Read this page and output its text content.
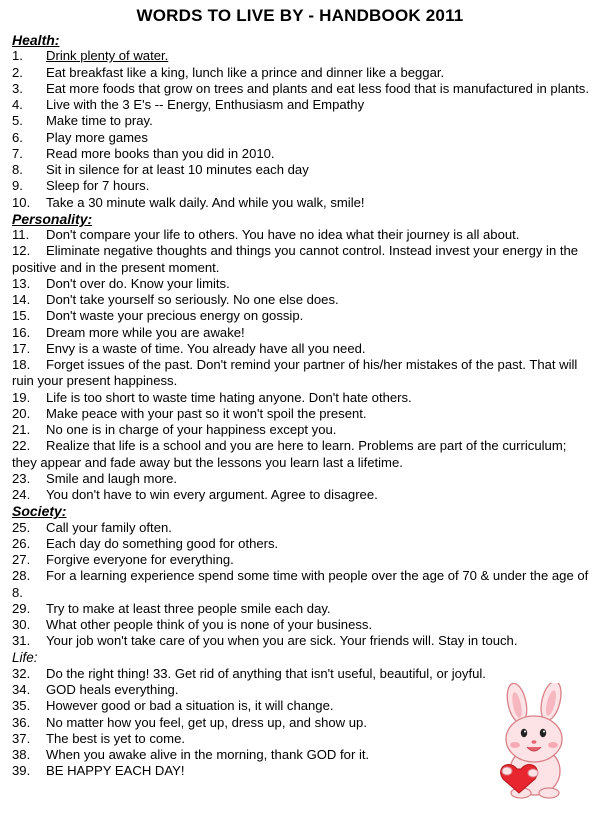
WORDS TO LIVE BY - HANDBOOK 2011
Health:
1. Drink plenty of water.
2. Eat breakfast like a king, lunch like a prince and dinner like a beggar.
3. Eat more foods that grow on trees and plants and eat less food that is manufactured in plants.
4. Live with the 3 E's -- Energy, Enthusiasm and Empathy
5. Make time to pray.
6. Play more games
7. Read more books than you did in 2010.
8. Sit in silence for at least 10 minutes each day
9. Sleep for 7 hours.
10. Take a 30 minute walk daily. And while you walk, smile!
Personality:
11. Don't compare your life to others. You have no idea what their journey is all about.
12. Eliminate negative thoughts and things you cannot control. Instead invest your energy in the positive and in the present moment.
13. Don't over do. Know your limits.
14. Don't take yourself so seriously. No one else does.
15. Don't waste your precious energy on gossip.
16. Dream more while you are awake!
17. Envy is a waste of time. You already have all you need.
18. Forget issues of the past. Don't remind your partner of his/her mistakes of the past. That will ruin your present happiness.
19. Life is too short to waste time hating anyone. Don't hate others.
20. Make peace with your past so it won't spoil the present.
21. No one is in charge of your happiness except you.
22. Realize that life is a school and you are here to learn. Problems are part of the curriculum; they appear and fade away but the lessons you learn last a lifetime.
23. Smile and laugh more.
24. You don't have to win every argument. Agree to disagree.
Society:
25. Call your family often.
26. Each day do something good for others.
27. Forgive everyone for everything.
28. For a learning experience spend some time with people over the age of 70 & under the age of 8.
29. Try to make at least three people smile each day.
30. What other people think of you is none of your business.
31. Your job won't take care of you when you are sick. Your friends will. Stay in touch.
Life:
32. Do the right thing! 33. Get rid of anything that isn't useful, beautiful, or joyful.
34. GOD heals everything.
35. However good or bad a situation is, it will change.
36. No matter how you feel, get up, dress up, and show up.
37. The best is yet to come.
38. When you awake alive in the morning, thank GOD for it.
39. BE HAPPY EACH DAY!
